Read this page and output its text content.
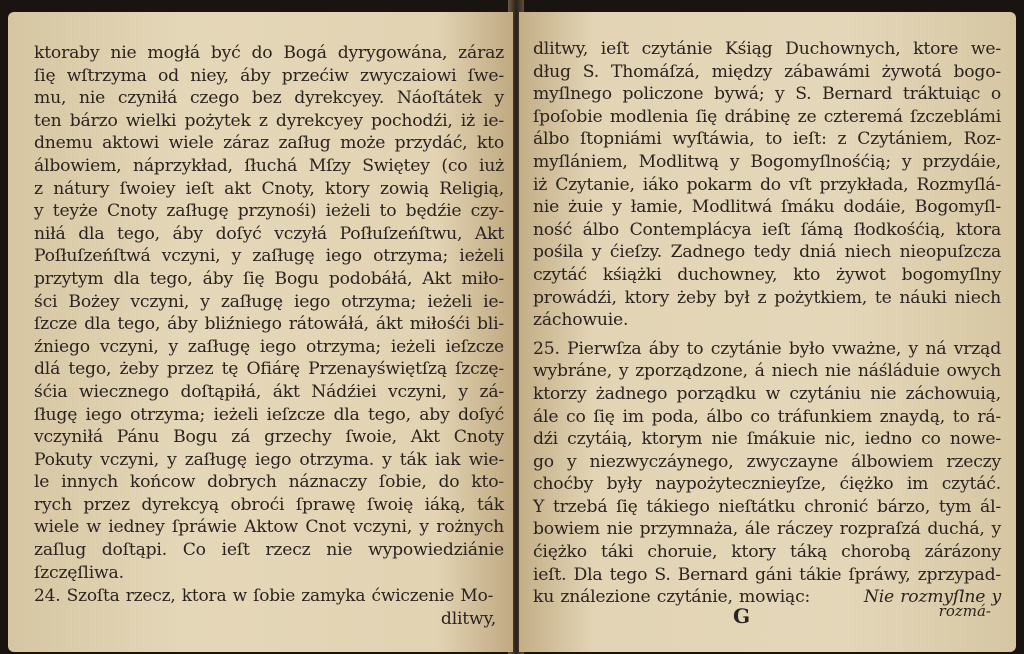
ktoraby nie mogłá być do Bogá dyrygowána, záraz
ſię wſtrzyma od niey, áby przećiw zwyczaiowi ſwe-
mu, nie czyniłá czego bez dyrekcyey. Náoſtátek y
ten bárzo wielki pożytek z dyrekcyey pochodźi, iż ie-
dnemu aktowi wiele záraz zaſług może przydáć, kto
álbowiem, náprzykład, ſłuchá Mſzy Swiętey (co iuż
z nátury ſwoiey ieſt akt Cnoty, ktory zowią Religią,
y teyże Cnoty zaſługę przynośi) ieżeli to będźie czy-
niłá dla tego, áby doſyć vczyłá Poſłuſzeńſtwu, Akt
Poſłuſzeńſtwá vczyni, y zaſługę iego otrzyma; ieżeli
przytym dla tego, áby ſię Bogu podobáłá, Akt miło-
ści Bożey vczyni, y zaſługę iego otrzyma; ieżeli ie-
ſzcze dla tego, áby bliźniego rátowáłá, ákt miłośći bli-
źniego vczyni, y zaſługę iego otrzyma; ieżeli ieſzcze
dlá tego, żeby przez tę Ofiárę Przenayświętſzą ſzczę-
śćia wiecznego doſtąpiłá, ákt Nádźiei vczyni, y zá-
ſługę iego otrzyma; ieżeli ieſzcze dla tego, aby doſyć
vczyniłá Pánu Bogu zá grzechy ſwoie, Akt Cnoty
Pokuty vczyni, y zaſługę iego otrzyma. y ták iak wie-
le innych końcow dobrych náznaczy ſobie, do kto-
rych przez dyrekcyą obroći ſprawę ſwoię iáką, ták
wiele w iedney ſpráwie Aktow Cnot vczyni, y rożnych
zaſlug doſtąpi. Co ieſt rzecz nie wypowiedziánie
ſzczęſliwa.
24. Szoſta rzecz, ktora w ſobie zamyka ćwiczenie Mo-
dlitwy,
dlitwy, ieſt czytánie Kśiąg Duchownych, ktore we-
dług S. Thomáſzá, między zábawámi żywotá bogo-
myſlnego policzone bywá; y S. Bernard tráktuiąc o
ſpoſobie modlenia ſię drábinę ze czteremá ſzczeblámi
álbo ſtopniámi wyſtáwia, to ieſt: z Czytániem, Roz-
myſlániem, Modlitwą y Bogomyſlnośćią; y przydáie,
iż Czytanie, iáko pokarm do vſt przykłada, Rozmyſlá-
nie żuie y łamie, Modlitwá ſmáku dodáie, Bogomyſl-
ność álbo Contemplácya ieſt ſámą ſłodkośćią, ktora
pośila y ćieſzy. Zadnego tedy dniá niech nieopuſzcza
czytáć kśiążki duchowney, kto żywot bogomyſlny
prowádźi, ktory żeby był z pożytkiem, te náuki niech
záchowuie.
25. Pierwſza áby to czytánie było vważne, y ná vrząd
wybráne, y zporządzone, á niech nie náśláduie owych
ktorzy żadnego porządku w czytániu nie záchowuią,
ále co ſię im poda, álbo co tráfunkiem znaydą, to rá-
dźi czytáią, ktorym nie ſmákuie nic, iedno co nowe-
go y niezwyczáynego, zwyczayne álbowiem rzeczy
choćby były naypożytecznieyſze, ćiężko im czytáć.
Y trzebá ſię tákiego nieſtátku chronić bárzo, tym ál-
bowiem nie przymnaża, ále ráczey rozpraſzá duchá, y
ćiężko táki choruie, ktory táką chorobą zárázony
ieſt. Dla tego S. Bernard gáni tákie ſpráwy, zprzypad-
ku ználezione czytánie, mowiąc:	Nie rozmyſlne y
G	rozmá-
